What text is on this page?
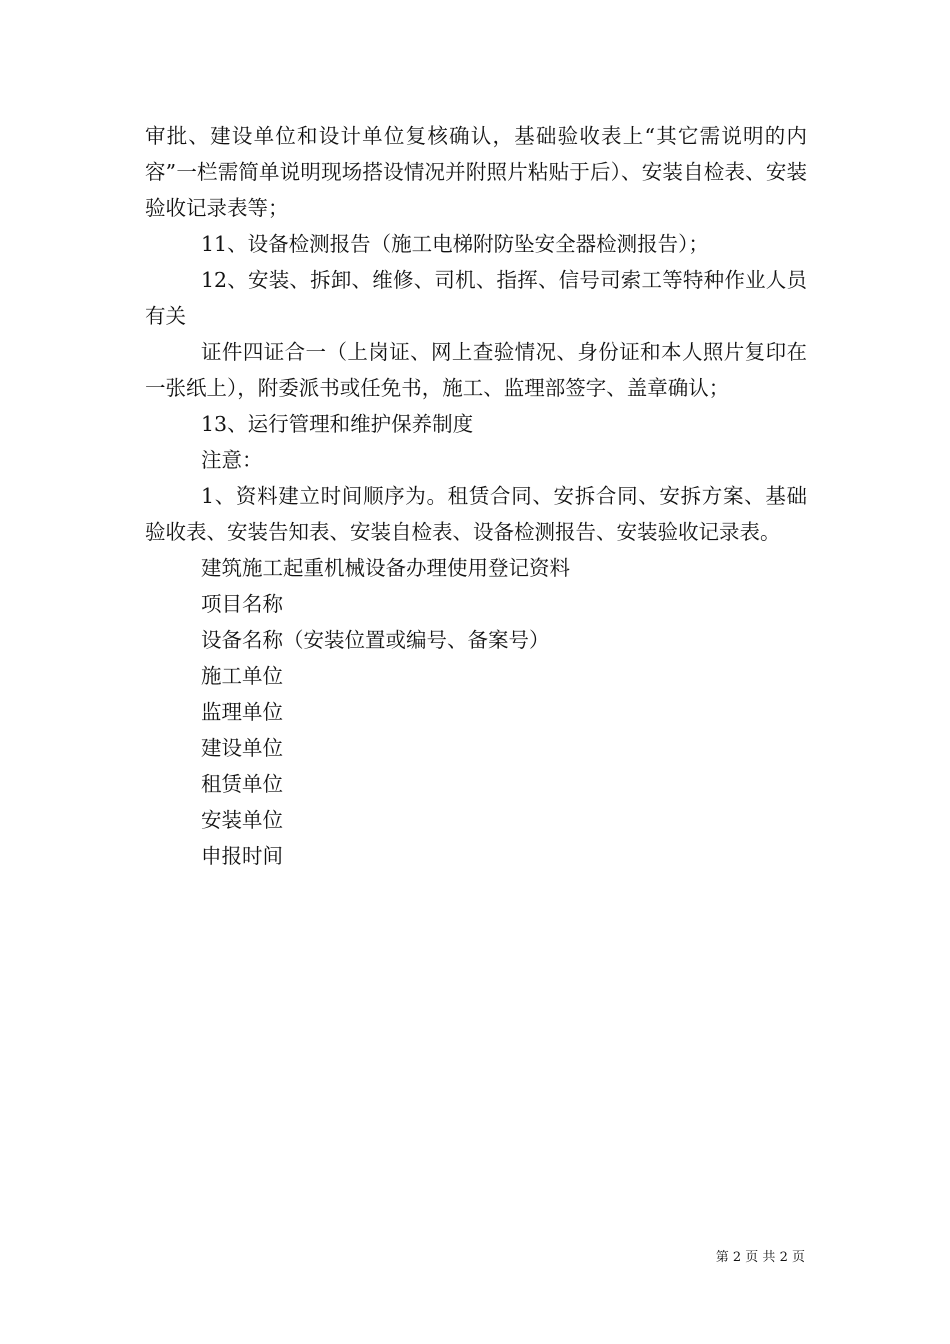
审批、建设单位和设计单位复核确认，基础验收表上“其它需说明的内容”一栏需简单说明现场搭设情况并附照片粘贴于后）、安装自检表、安装验收记录表等；

11、设备检测报告（施工电梯附防坠安全器检测报告）；

12、安装、拆卸、维修、司机、指挥、信号司索工等特种作业人员有关

证件四证合一（上岗证、网上查验情况、身份证和本人照片复印在一张纸上），附委派书或任免书，施工、监理部签字、盖章确认；

13、运行管理和维护保养制度

注意：

1、资料建立时间顺序为。租赁合同、安拆合同、安拆方案、基础验收表、安装告知表、安装自检表、设备检测报告、安装验收记录表。

建筑施工起重机械设备办理使用登记资料

项目名称

设备名称（安装位置或编号、备案号）

施工单位

监理单位

建设单位

租赁单位

安装单位

申报时间

第 2 页 共 2 页
